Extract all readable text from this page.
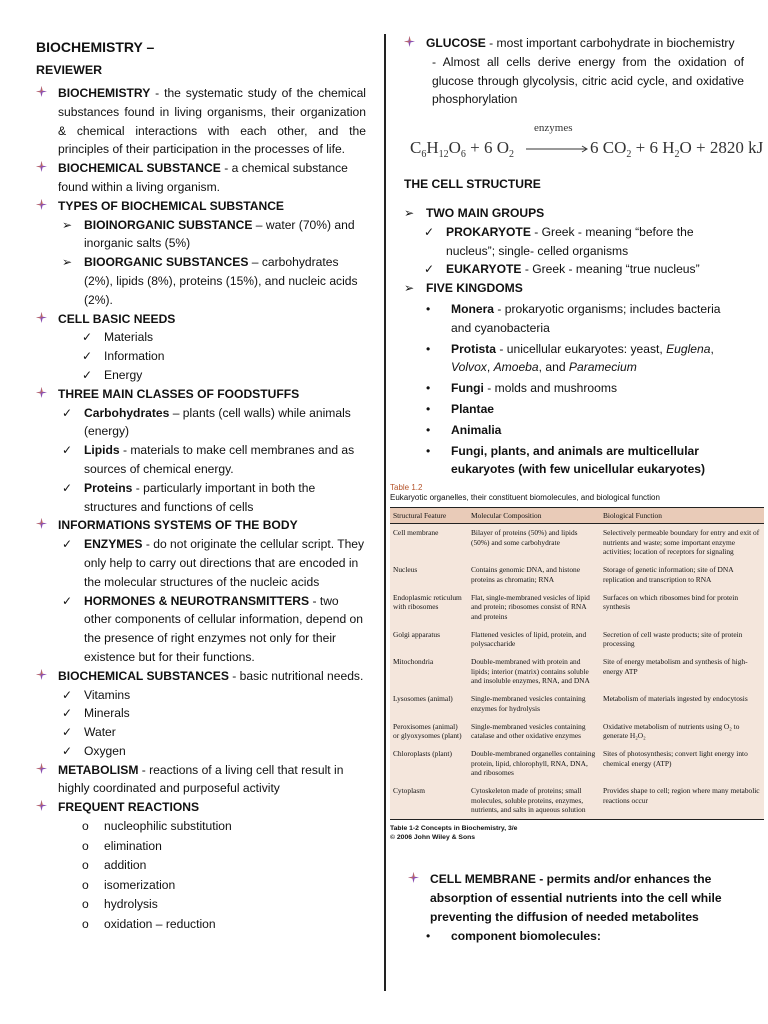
BIOCHEMISTRY –
REVIEWER
BIOCHEMISTRY - the systematic study of the chemical substances found in living organisms, their organization & chemical interactions with each other, and the principles of their participation in the processes of life.
BIOCHEMICAL SUBSTANCE - a chemical substance found within a living organism.
TYPES OF BIOCHEMICAL SUBSTANCE
➢ BIOINORGANIC SUBSTANCE – water (70%) and inorganic salts (5%)
➢ BIOORGANIC SUBSTANCES – carbohydrates (2%), lipids (8%), proteins (15%), and nucleic acids (2%).
CELL BASIC NEEDS
✓ Materials
✓ Information
✓ Energy
THREE MAIN CLASSES OF FOODSTUFFS
✓ Carbohydrates – plants (cell walls) while animals (energy)
✓ Lipids - materials to make cell membranes and as sources of chemical energy.
✓ Proteins - particularly important in both the structures and functions of cells
INFORMATIONS SYSTEMS OF THE BODY
✓ ENZYMES - do not originate the cellular script. They only help to carry out directions that are encoded in the molecular structures of the nucleic acids
✓ HORMONES & NEUROTRANSMITTERS - two other components of cellular information, depend on the presence of right enzymes not only for their existence but for their functions.
BIOCHEMICAL SUBSTANCES - basic nutritional needs.
✓ Vitamins
✓ Minerals
✓ Water
✓ Oxygen
METABOLISM - reactions of a living cell that result in highly coordinated and purposeful activity
FREQUENT REACTIONS
o nucleophilic substitution
o elimination
o addition
o isomerization
o hydrolysis
o oxidation – reduction
GLUCOSE - most important carbohydrate in biochemistry
- Almost all cells derive energy from the oxidation of glucose through glycolysis, citric acid cycle, and oxidative phosphorylation
enzymes
$C_6H_{12}O_6 + 6$ $O_2$	6 $CO_2 + 6$ $H_2O + 2820$ kJ
THE CELL STRUCTURE
➢ TWO MAIN GROUPS
✓ PROKARYOTE - Greek - meaning “before the nucleus”; single- celled organisms
✓ EUKARYOTE - Greek - meaning “true nucleus”
➢ FIVE KINGDOMS
• Monera - prokaryotic organisms; includes bacteria and cyanobacteria
• Protista - unicellular eukaryotes: yeast, Euglena, Volvox, Amoeba, and Paramecium
• Fungi - molds and mushrooms
• Plantae
• Animalia
• Fungi, plants, and animals are multicellular eukaryotes (with few unicellular eukaryotes)
Table 1.2
Eukaryotic organelles, their constituent biomolecules, and biological function
Structural Feature	Molecular Composition	Biological Function
Cell membrane	Bilayer of proteins (50%) and lipids (50%) and some carbohydrate	Selectively permeable boundary for entry and exit of nutrients and waste; some important enzyme activities; location of receptors for signaling
Nucleus	Contains genomic DNA, and histone proteins as chromatin; RNA	Storage of genetic information; site of DNA replication and transcription to RNA
Endoplasmic reticulum with ribosomes	Flat, single-membraned vesicles of lipid and protein; ribosomes consist of RNA and proteins	Surfaces on which ribosomes bind for protein synthesis
Golgi apparatus	Flattened vesicles of lipid, protein, and polysaccharide	Secretion of cell waste products; site of protein processing
Mitochondria	Double-membraned with protein and lipids; interior (matrix) contains soluble and insoluble enzymes, RNA, and DNA	Site of energy metabolism and synthesis of high-energy ATP
Lysosomes (animal)	Single-membraned vesicles containing enzymes for hydrolysis	Metabolism of materials ingested by endocytosis
Peroxisomes (animal) or glyoxysomes (plant)	Single-membraned vesicles containing catalase and other oxidative enzymes	Oxidative metabolism of nutrients using O₂ to generate H₂O₂
Chloroplasts (plant)	Double-membraned organelles containing protein, lipid, chlorophyll, RNA, DNA, and ribosomes	Sites of photosynthesis; convert light energy into chemical energy (ATP)
Cytoplasm	Cytoskeleton made of proteins; small molecules, soluble proteins, enzymes, nutrients, and salts in aqueous solution	Provides shape to cell; region where many metabolic reactions occur
Table 1-2 Concepts in Biochemistry, 3/e
© 2006 John Wiley & Sons
CELL MEMBRANE - permits and/or enhances the absorption of essential nutrients into the cell while preventing the diffusion of needed metabolites
• component biomolecules:
